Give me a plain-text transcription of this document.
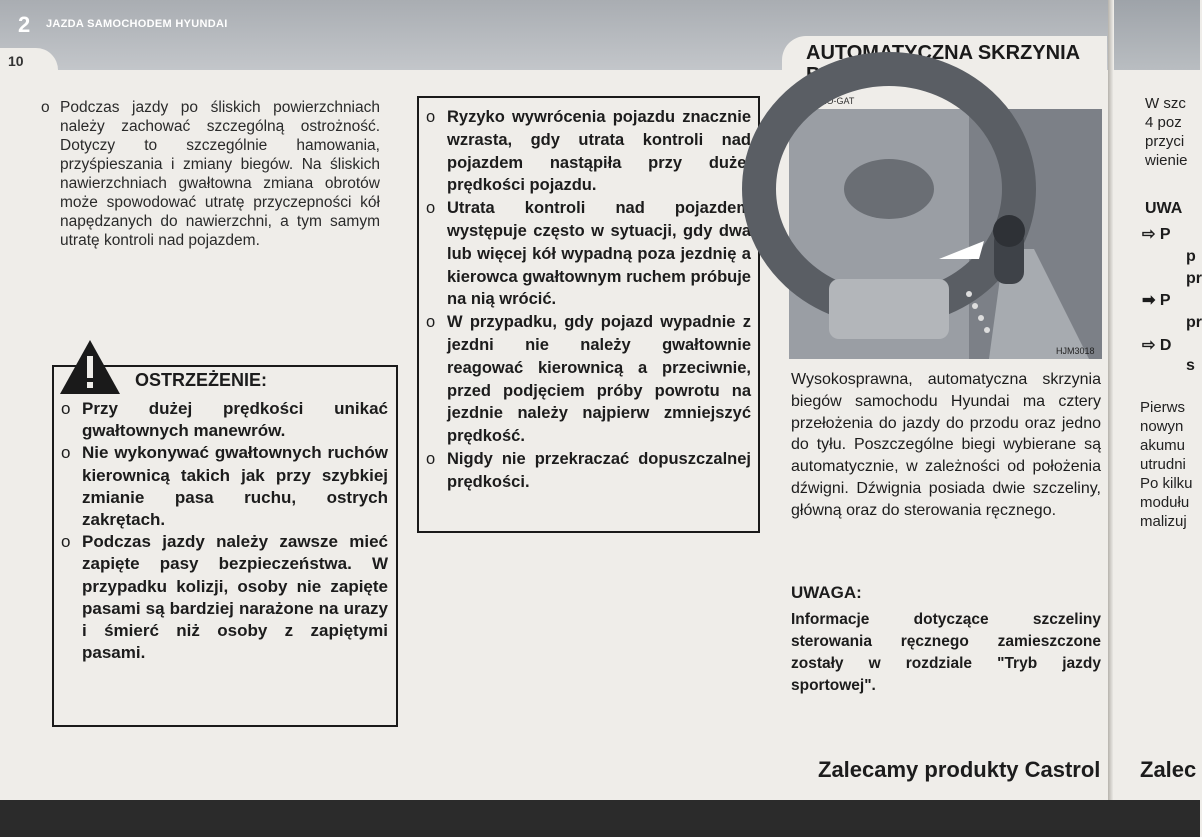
2 JAZDA SAMOCHODEM HYUNDAI
10	AUTOMATYCZNA SKRZYNIA
BIEGÓW
C090A01O-GAT
o Podczas jazdy po śliskich powierzchniach należy zachować szczególną ostrożność. Dotyczy to szczególnie hamowania, przyśpieszania i zmiany biegów. Na śliskich nawierzchniach gwałtowna zmiana obrotów może spowodować utratę przyczepności kół napędzanych do nawierzchni, a tym samym utratę kontroli nad pojazdem.
OSTRZEŻENIE:

o Przy dużej prędkości unikać gwałtownych manewrów.

o Nie wykonywać gwałtownych ruchów kierownicą takich jak przy szybkiej zmianie pasa ruchu, ostrych zakrętach.

o Podczas jazdy należy zawsze mieć zapięte pasy bezpieczeństwa. W przypadku kolizji, osoby nie zapięte pasami są bardziej narażone na urazy i śmierć niż osoby z zapiętymi pasami.

o Ryzyko wywrócenia pojazdu znacznie wzrasta, gdy utrata kontroli nad pojazdem nastąpiła przy dużej prędkości pojazdu.

o Utrata kontroli nad pojazdem występuje często w sytuacji, gdy dwa lub więcej kół wypadną poza jezdnię a kierowca gwałtownym ruchem próbuje na nią wrócić.

o W przypadku, gdy pojazd wypadnie z jezdni nie należy gwałtownie reagować kierownicą a przeciwnie, przed podjęciem próby powrotu na jezdnie należy najpierw zmniejszyć prędkość.

o Nigdy nie przekraczać dopuszczalnej prędkości.

HJM3018
Wysokosprawna, automatyczna skrzynia biegów samochodu Hyundai ma cztery przełożenia do jazdy do przodu oraz jedno do tyłu. Poszczególne biegi wybierane są automatycznie, w zależności od położenia dźwigni. Dźwignia posiada dwie szczeliny, główną oraz do sterowania ręcznego.
UWAGA:
Informacje dotyczące szczeliny sterowania ręcznego zamieszczone zostały w rozdziale "Tryb jazdy sportowej".
Zalecamy produkty Castrol
W szc
4 poz
przyci
wienie
UWA
⇨ P
p
pr
➡ P
pr
⇨ D
s
Pierws
nowyn
akumu
utrudni
Po kilku
modułu
malizuj
Zalec
